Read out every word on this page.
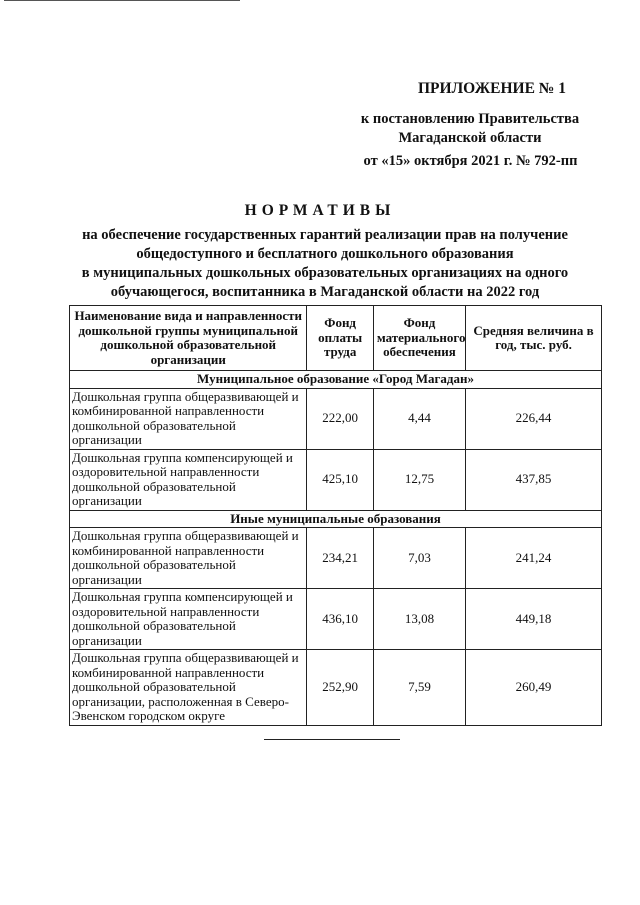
ПРИЛОЖЕНИЕ № 1
к постановлению Правительства
Магаданской области
от «15» октября 2021 г. № 792-пп
НОРМАТИВЫ
на обеспечение государственных гарантий реализации прав на получение
общедоступного и бесплатного дошкольного образования
в муниципальных дошкольных образовательных организациях на одного
обучающегося, воспитанника в Магаданской области на 2022 год
Наименование вида и направленности дошкольной группы муниципальной дошкольной образовательной организации	Фонд оплаты труда	Фонд материального обеспечения	Средняя величина в год, тыс. руб.
Муниципальное образование «Город Магадан»			
Дошкольная группа общеразвивающей и комбинированной направленности дошкольной образовательной организации	222,00	4,44	226,44
Дошкольная группа компенсирующей и оздоровительной направленности дошкольной образовательной организации	425,10	12,75	437,85
Иные муниципальные образования			
Дошкольная группа общеразвивающей и комбинированной направленности дошкольной образовательной организации	234,21	7,03	241,24
Дошкольная группа компенсирующей и оздоровительной направленности дошкольной образовательной организации	436,10	13,08	449,18
Дошкольная группа общеразвивающей и комбинированной направленности дошкольной образовательной организации, расположенная в Северо-Эвенском городском округе	252,90	7,59	260,49
